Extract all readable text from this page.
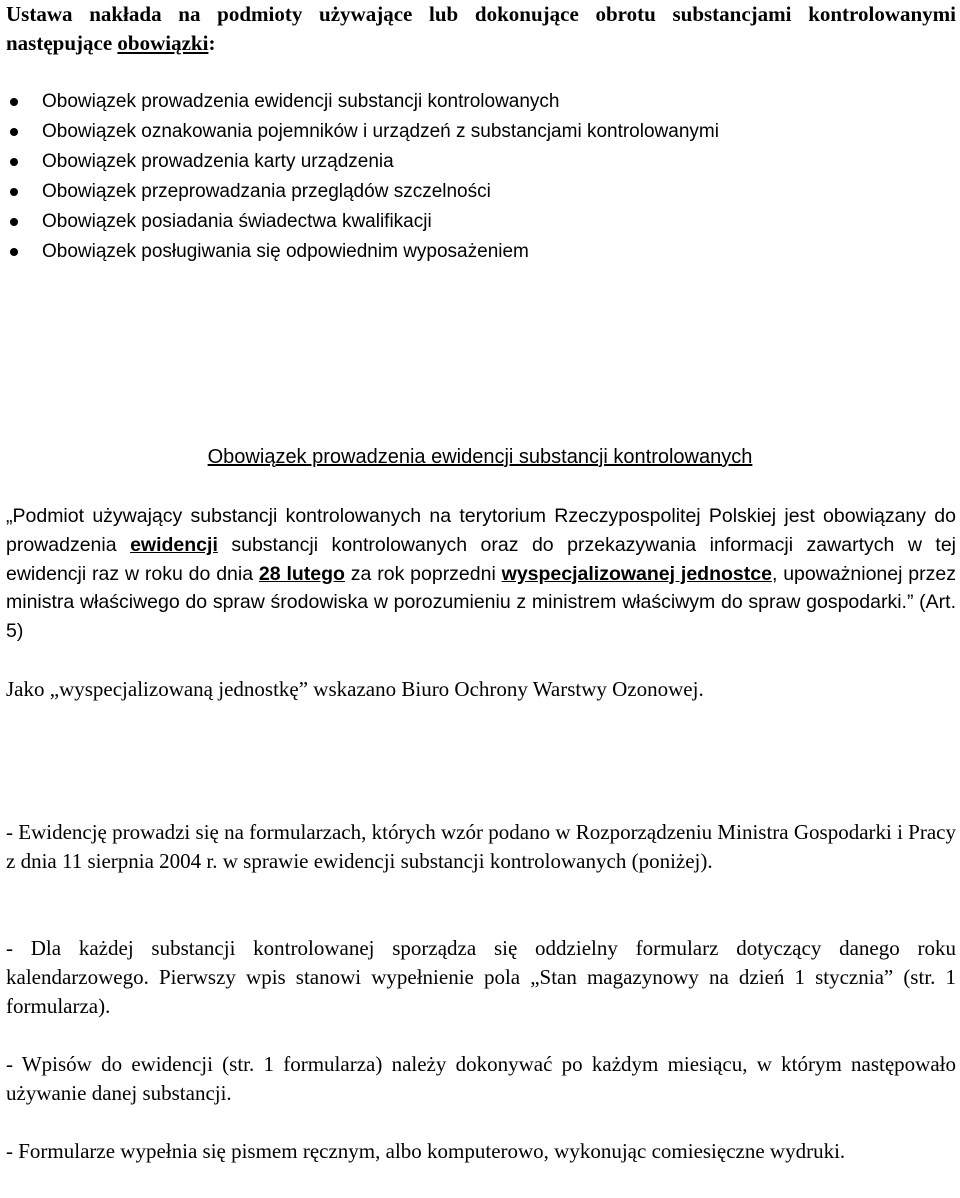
Ustawa nakłada na podmioty używające lub dokonujące obrotu substancjami kontrolowanymi następujące obowiązki:
Obowiązek prowadzenia ewidencji substancji kontrolowanych
Obowiązek oznakowania pojemników i urządzeń z substancjami kontrolowanymi
Obowiązek prowadzenia karty urządzenia
Obowiązek przeprowadzania przeglądów szczelności
Obowiązek posiadania świadectwa kwalifikacji
Obowiązek posługiwania się odpowiednim wyposażeniem
Obowiązek prowadzenia ewidencji substancji kontrolowanych
„Podmiot używający substancji kontrolowanych na terytorium Rzeczypospolitej Polskiej jest obowiązany do prowadzenia ewidencji substancji kontrolowanych oraz do przekazywania informacji zawartych w tej ewidencji raz w roku do dnia 28 lutego za rok poprzedni wyspecjalizowanej jednostce, upoważnionej przez ministra właściwego do spraw środowiska w porozumieniu z ministrem właściwym do spraw gospodarki.” (Art. 5)
Jako „wyspecjalizowaną jednostkę” wskazano Biuro Ochrony Warstwy Ozonowej.
- Ewidencję prowadzi się na formularzach, których wzór podano w Rozporządzeniu Ministra Gospodarki i Pracy z dnia 11 sierpnia 2004 r. w sprawie ewidencji substancji kontrolowanych (poniżej).
- Dla każdej substancji kontrolowanej sporządza się oddzielny formularz dotyczący danego roku kalendarzowego. Pierwszy wpis stanowi wypełnienie pola „Stan magazynowy na dzień 1 stycznia” (str. 1 formularza).
- Wpisów do ewidencji (str. 1 formularza) należy dokonywać po każdym miesiącu, w którym następowało używanie danej substancji.
- Formularze wypełnia się pismem ręcznym, albo komputerowo, wykonując comiesięczne wydruki.
